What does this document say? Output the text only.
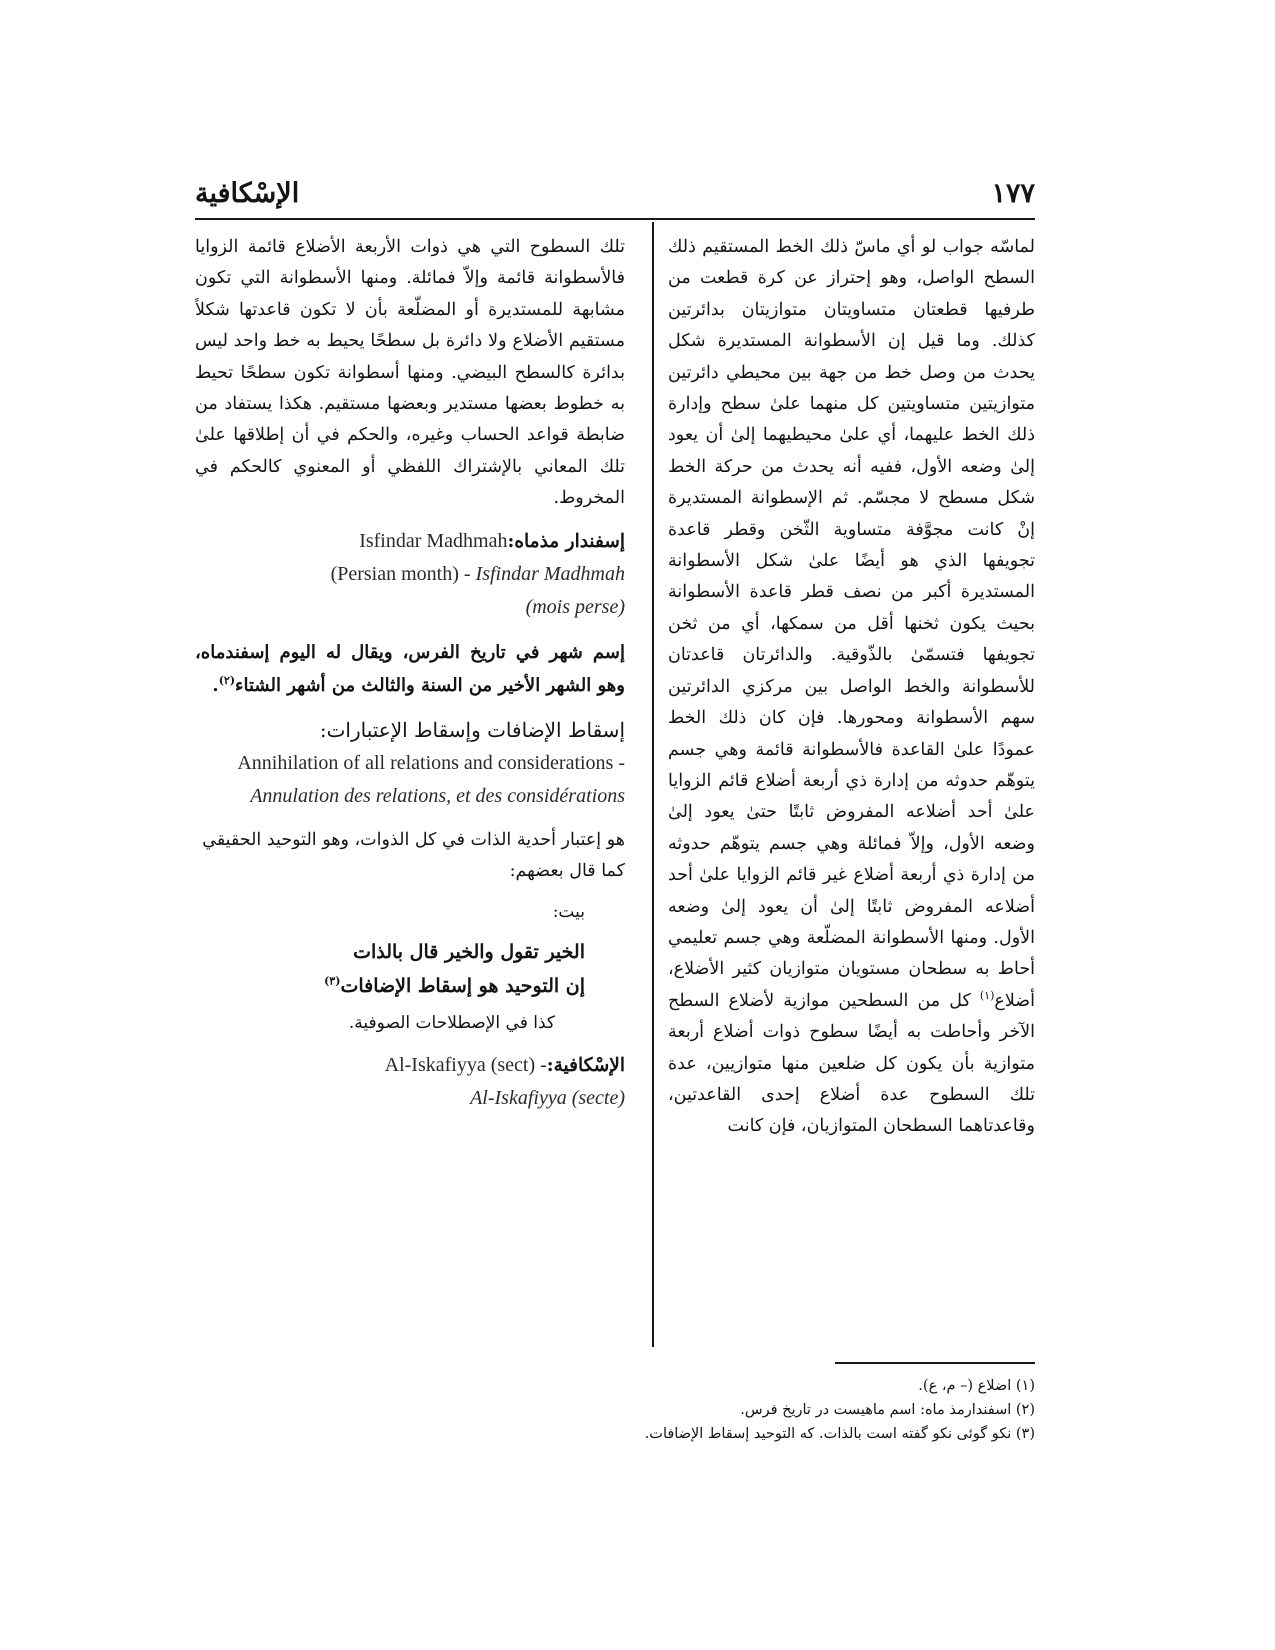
١٧٧
الإسْكافية
لماسّه جواب لو أي ماسّ ذلك الخط المستقيم ذلك السطح الواصل، وهو إحتراز عن كرة قطعت من طرفيها قطعتان متساويتان متوازيتان بدائرتين كذلك. وما قيل إن الأسطوانة المستديرة شكل يحدث من وصل خط من جهة بين محيطي دائرتين متوازيتين متساويتين كل منهما علىٰ سطح وإدارة ذلك الخط عليهما، أي علىٰ محيطيهما إلىٰ أن يعود إلىٰ وضعه الأول، ففيه أنه يحدث من حركة الخط شكل مسطح لا مجسّم. ثم الإسطوانة المستديرة إنْ كانت مجوَّفة متساوية الثّخن وقطر قاعدة تجويفها الذي هو أيضًا علىٰ شكل الأسطوانة المستديرة أكبر من نصف قطر قاعدة الأسطوانة بحيث يكون ثخنها أقل من سمكها، أي من ثخن تجويفها فتسمّىٰ بالذّوقية. والدائرتان قاعدتان للأسطوانة والخط الواصل بين مركزي الدائرتين سهم الأسطوانة ومحورها. فإن كان ذلك الخط عمودًا علىٰ القاعدة فالأسطوانة قائمة وهي جسم يتوهّم حدوثه من إدارة ذي أربعة أضلاع قائم الزوايا علىٰ أحد أضلاعه المفروض ثابتًا حتىٰ يعود إلىٰ وضعه الأول، وإلاّ فمائلة وهي جسم يتوهّم حدوثه من إدارة ذي أربعة أضلاع غير قائم الزوايا علىٰ أحد أضلاعه المفروض ثابتًا إلىٰ أن يعود إلىٰ وضعه الأول. ومنها الأسطوانة المضلّعة وهي جسم تعليمي أحاط به سطحان مستويان متوازيان كثير الأضلاع، أضلاع$^{(١)}$ كل من السطحين موازية لأضلاع السطح الآخر وأحاطت به أيضًا سطوح ذوات أضلاع أربعة متوازية بأن يكون كل ضلعين منها متوازيين، عدة تلك السطوح عدة أضلاع إحدى القاعدتين، وقاعدتاهما السطحان المتوازيان، فإن كانت

تلك السطوح التي هي ذوات الأربعة الأضلاع قائمة الزوايا فالأسطوانة قائمة وإلاّ فمائلة. ومنها الأسطوانة التي تكون مشابهة للمستديرة أو المضلّعة بأن لا تكون قاعدتها شكلاً مستقيم الأضلاع ولا دائرة بل سطحًا يحيط به خط واحد ليس بدائرة كالسطح البيضي. ومنها أسطوانة تكون سطحًا تحيط به خطوط بعضها مستدير وبعضها مستقيم. هكذا يستفاد من ضابطة قواعد الحساب وغيره، والحكم في أن إطلاقها علىٰ تلك المعاني بالإشتراك اللفظي أو المعنوي كالحكم في المخروط.

إسفندار مذماه:
Isfindar Madhmah
(Persian month) - Isfindar Madhmah
(mois perse)

إسم شهر في تاريخ الفرس، ويقال له اليوم إسفندماه، وهو الشهر الأخير من السنة والثالث من أشهر الشتاء$^{(٢)}$.

إسقاط الإضافات وإسقاط الإعتبارات:
Annihilation of all relations and considerations - Annulation des relations, et des considérations

هو إعتبار أحدية الذات في كل الذوات، وهو التوحيد الحقيقي كما قال بعضهم:

بيت:
الخير تقول والخير قال بالذات
إن التوحيد هو إسقاط الإضافات$^{(٣)}$
كذا في الإصطلاحات الصوفية.
الإسْكافية:
Al-Iskafiyya (sect) -
Al-Iskafiyya (secte)
(١) اضلاع (– م، ع).
(٢) اسفندارمذ ماه: اسم ماهيست در تاريخ فرس.
(٣) نكو گوئى نكو گفته است بالذات. كه التوحيد إسقاط الإضافات.
